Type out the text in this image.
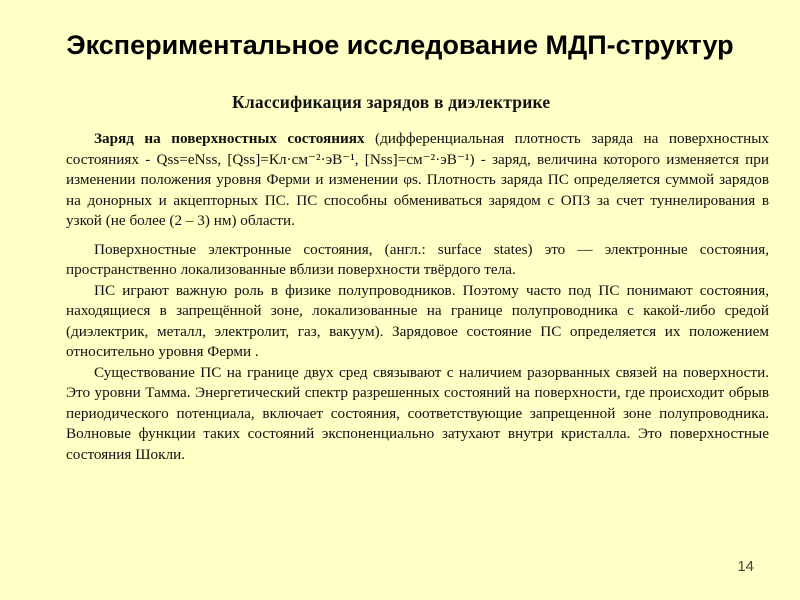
Экспериментальное исследование МДП-структур
Классификация зарядов в диэлектрике

Заряд на поверхностных состояниях (дифференциальная плотность заряда на поверхностных состояниях - Qss=eNss, [Qss]=Кл·см⁻²·эВ⁻¹, [Nss]=см⁻²·эВ⁻¹) - заряд, величина которого изменяется при изменении положения уровня Ферми и изменении φs. Плотность заряда ПС определяется суммой зарядов на донорных и акцепторных ПС. ПС способны обмениваться зарядом с ОПЗ за счет туннелирования в узкой (не более (2 – 3) нм) области.

Поверхностные электронные состояния, (англ.: surface states) это — электронные состояния, пространственно локализованные вблизи поверхности твёрдого тела.

ПС играют важную роль в физике полупроводников. Поэтому часто под ПС понимают состояния, находящиеся в запрещённой зоне, локализованные на границе полупроводника с какой-либо средой (диэлектрик, металл, электролит, газ, вакуум). Зарядовое состояние ПС определяется их положением относительно уровня Ферми .

Существование ПС на границе двух сред связывают с наличием разорванных связей на поверхности. Это уровни Тамма. Энергетический спектр разрешенных состояний на поверхности, где происходит обрыв периодического потенциала, включает состояния, соответствующие запрещенной зоне полупроводника. Волновые функции таких состояний экспоненциально затухают внутри кристалла. Это поверхностные состояния Шокли.

14
